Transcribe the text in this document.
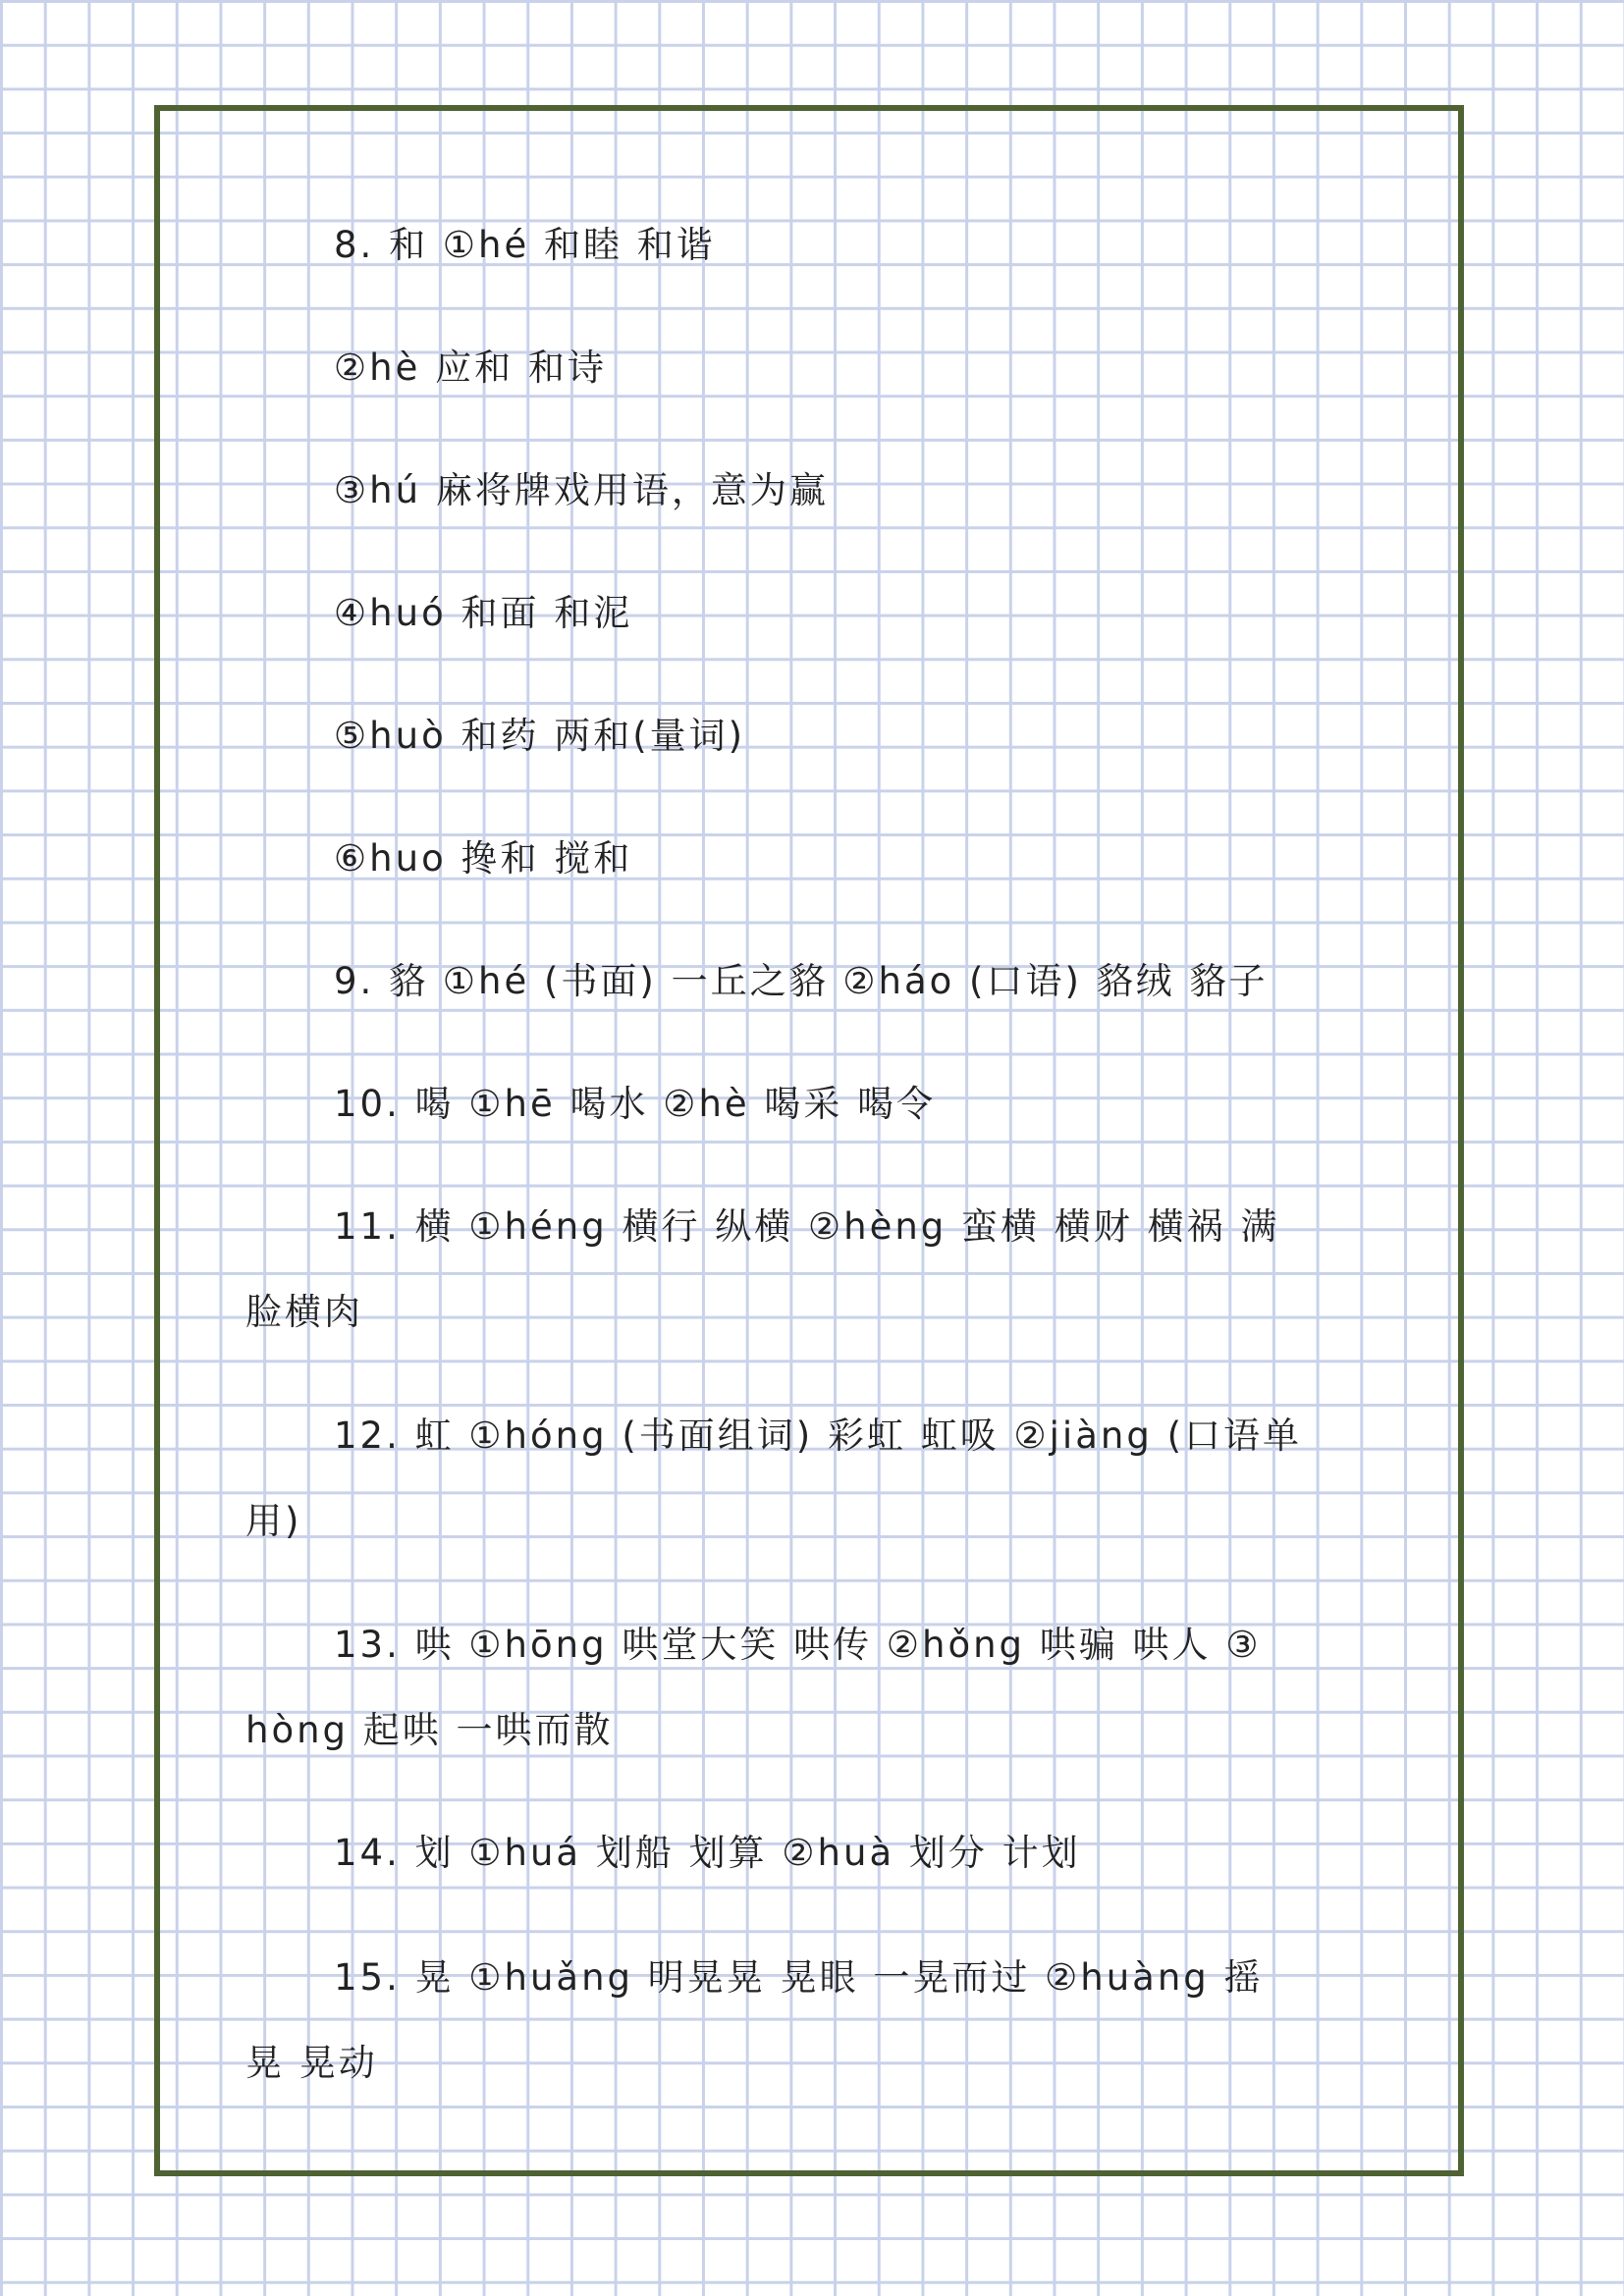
8. 和 ①hé 和睦 和谐
②hè 应和 和诗
③hú 麻将牌戏用语，意为赢
④huó 和面 和泥
⑤huò 和药 两和(量词)
⑥huo 搀和 搅和
9. 貉 ①hé (书面) 一丘之貉 ②háo (口语) 貉绒 貉子
10. 喝 ①hē 喝水 ②hè 喝采 喝令
11. 横 ①héng 横行 纵横 ②hèng 蛮横 横财 横祸 满
脸横肉
12. 虹 ①hóng (书面组词) 彩虹 虹吸 ②jiàng (口语单
用)
13. 哄 ①hōng 哄堂大笑 哄传 ②hǒng 哄骗 哄人 ③
hòng 起哄 一哄而散
14. 划 ①huá 划船 划算 ②huà 划分 计划
15. 晃 ①huǎng 明晃晃 晃眼 一晃而过 ②huàng 摇
晃 晃动
